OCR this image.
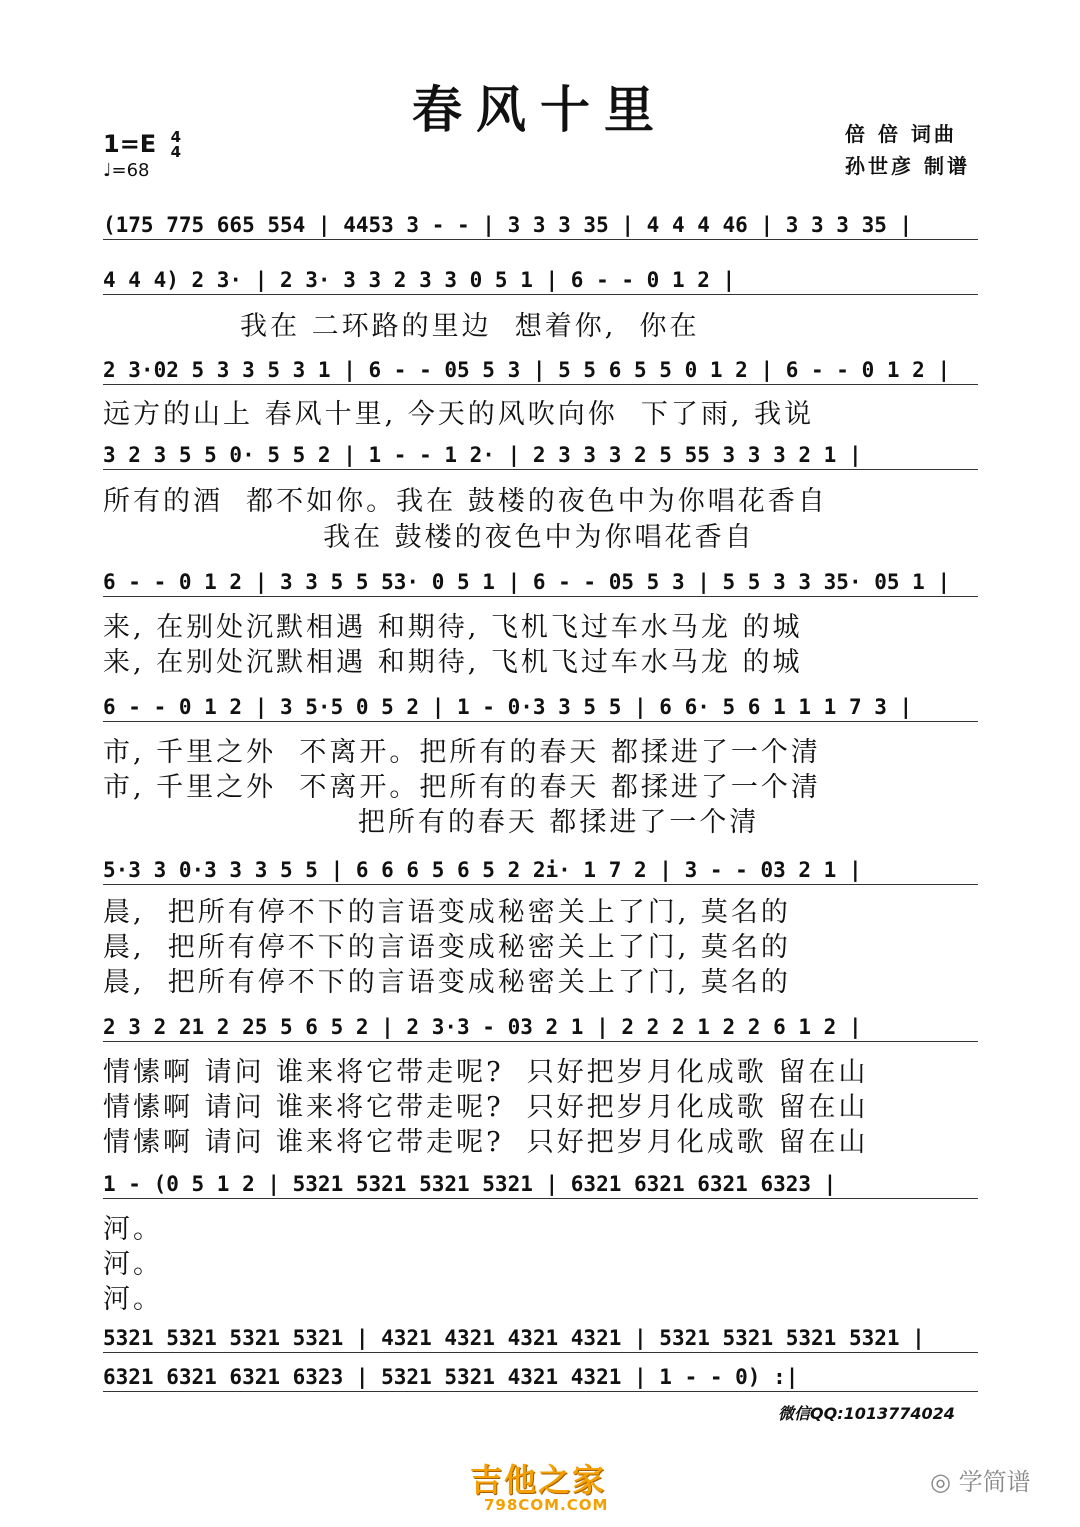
春风十里
1=E 4
4
♩=68
倍 倍 词曲
孙世彦 制谱
(175 775 665 554 | 4453 3 - - | 3 3 3 35 | 4 4 4 46 | 3 3 3 35 |
4 4 4) 2 3· | 2 3· 3 3 2 3 3 0 5 1 | 6 - - 0 1 2 |
2 3·02 5 3 3 5 3 1 | 6 - - 05 5 3 | 5 5 6 5 5 0 1 2 | 6 - - 0 1 2 |
3 2 3 5 5 0· 5 5 2 | 1 - - 1 2· | 2 3 3 3 2 5 55 3 3 3 2 1 |
6 - - 0 1 2 | 3 3 5 5 53· 0 5 1 | 6 - - 05 5 3 | 5 5 3 3 35· 05 1 |
6 - - 0 1 2 | 3 5·5 0 5 2 | 1 - 0·3 3 5 5 | 6 6· 5 6 1 1 1 7 3 |
5·3 3 0·3 3 3 5 5 | 6 6 6 5 6 5 2 2i· 1 7 2 | 3 - - 03 2 1 |
2 3 2 21 2 25 5 6 5 2 | 2 3·3 - 03 2 1 | 2 2 2 1 2 2 6 1 2 |
1 - (0 5 1 2 | 5321 5321 5321 5321 | 6321 6321 6321 6323 |
5321 5321 5321 5321 | 4321 4321 4321 4321 | 5321 5321 5321 5321 |
6321 6321 6321 6323 | 5321 5321 4321 4321 | 1 - - 0) :|
我在 二环路的里边  想着你,  你在
远方的山上 春风十里, 今天的风吹向你  下了雨, 我说
所有的酒  都不如你。我在 鼓楼的夜色中为你唱花香自
我在 鼓楼的夜色中为你唱花香自
来, 在别处沉默相遇 和期待, 飞机飞过车水马龙 的城
来, 在别处沉默相遇 和期待, 飞机飞过车水马龙 的城
市, 千里之外  不离开。把所有的春天 都揉进了一个清
市, 千里之外  不离开。把所有的春天 都揉进了一个清
把所有的春天 都揉进了一个清
晨,  把所有停不下的言语变成秘密关上了门, 莫名的
晨,  把所有停不下的言语变成秘密关上了门, 莫名的
晨,  把所有停不下的言语变成秘密关上了门, 莫名的
情愫啊 请问 谁来将它带走呢?  只好把岁月化成歌 留在山
情愫啊 请问 谁来将它带走呢?  只好把岁月化成歌 留在山
情愫啊 请问 谁来将它带走呢?  只好把岁月化成歌 留在山
河。
河。
河。
微信QQ:1013774024
吉他之家
798COM.COM
◎ 学简谱
